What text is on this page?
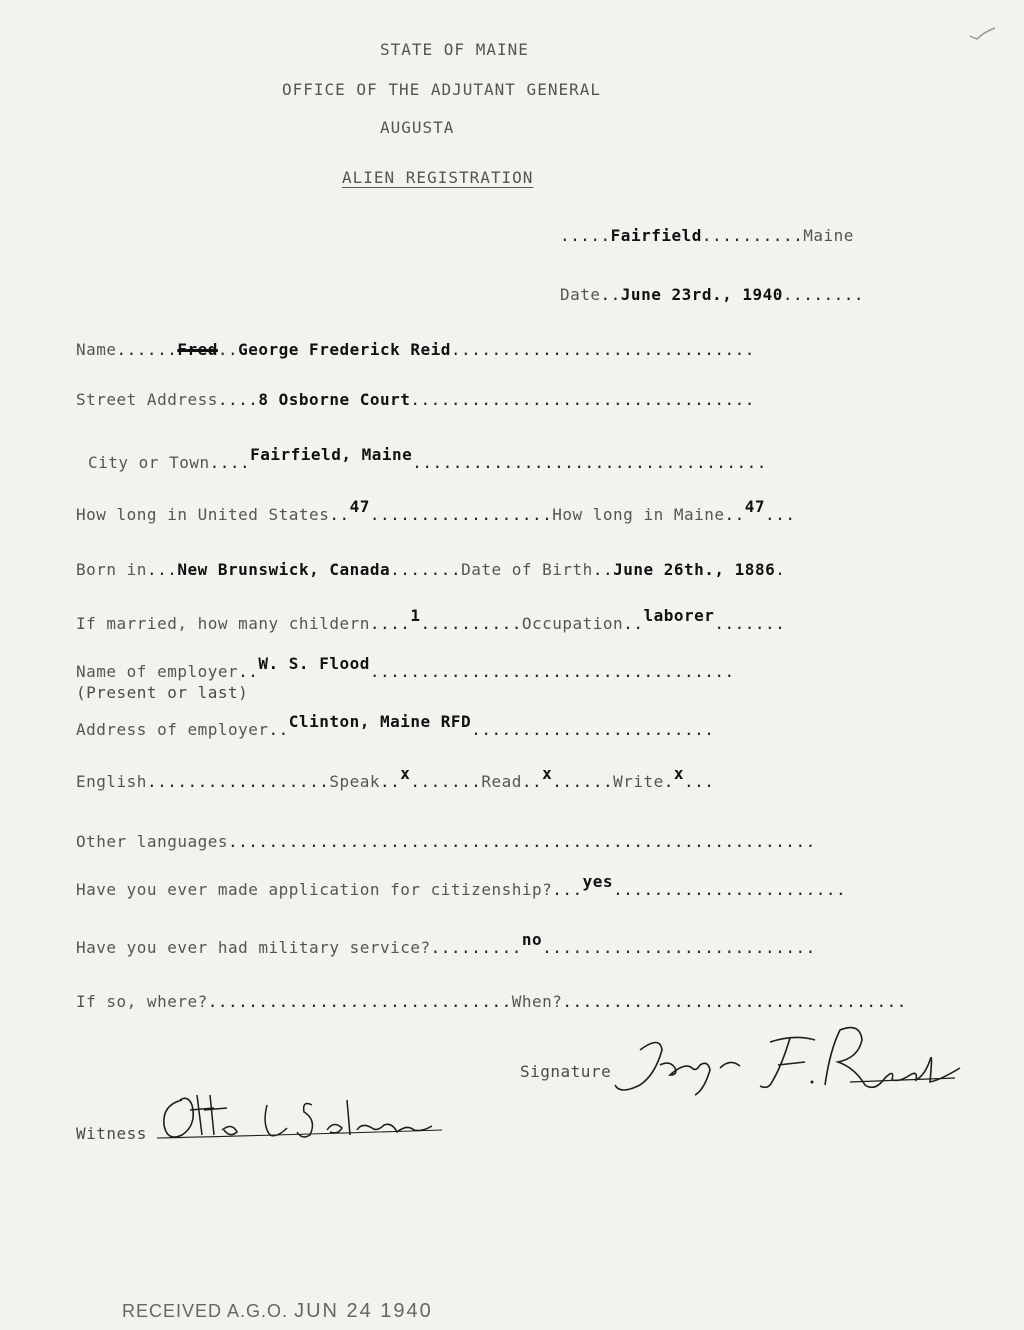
STATE OF MAINE
OFFICE OF THE ADJUTANT GENERAL
AUGUSTA
ALIEN REGISTRATION
.....Fairfield..........Maine
Date..June 23rd., 1940........
Name......Fred..George Frederick Reid..............................
Street Address....8 Osborne Court..................................
City or Town....Fairfield, Maine...................................
How long in United States..47..................How long in Maine..47...
Born in...New Brunswick, Canada.......Date of Birth..June 26th., 1886.
If married, how many childern....1..........Occupation..laborer.......
Name of employer..W. S. Flood....................................
(Present or last)
Address of employer..Clinton, Maine RFD........................
English..................Speak..x.......Read..x......Write.x...
Other languages..........................................................
Have you ever made application for citizenship?...yes.......................
Have you ever had military service?.........no...........................
If so, where?..............................When?..................................
Signature
Witness
RECEIVED A.G.O. JUN 24 1940
